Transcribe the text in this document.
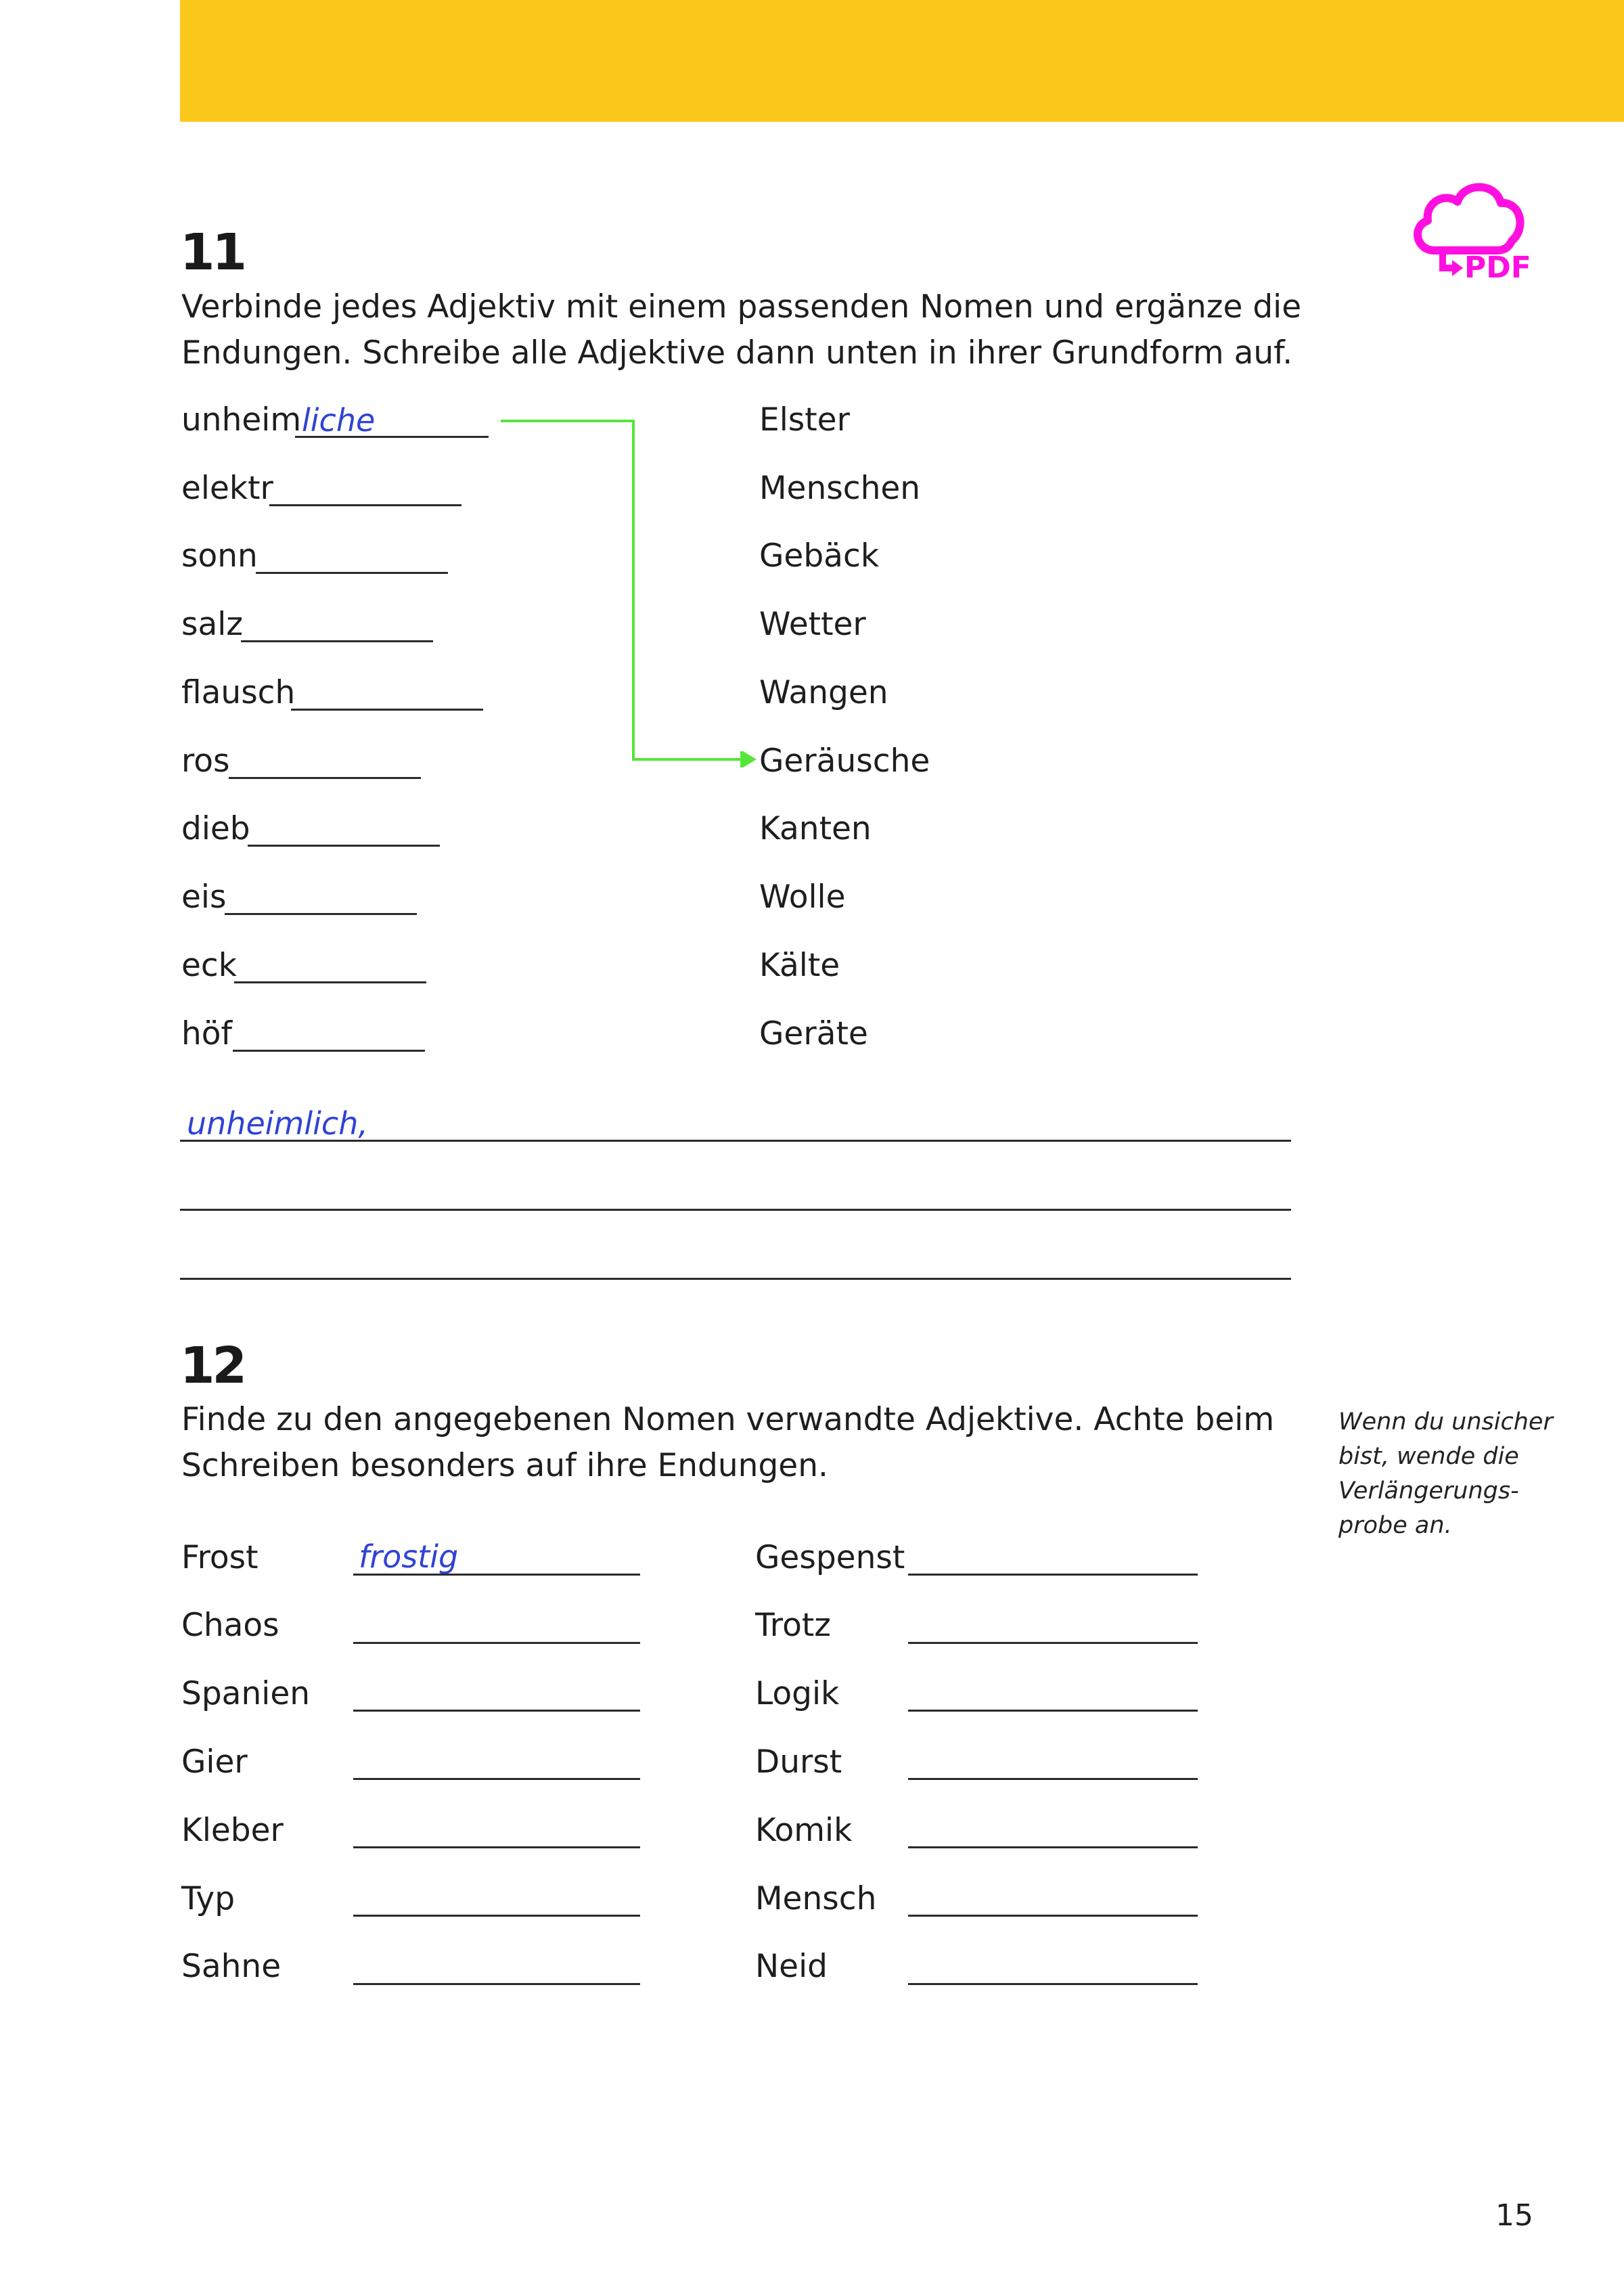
PDF
11
Verbinde jedes Adjektiv mit einem passenden Nomen und ergänze die
Endungen. Schreibe alle Adjektive dann unten in ihrer Grundform auf.
unheim liche
elektr
sonn
salz
flausch
ros
dieb
eis
eck
höf
Elster
Menschen
Gebäck
Wetter
Wangen
Geräusche
Kanten
Wolle
Kälte
Geräte
unheimlich,
12
Finde zu den angegebenen Nomen verwandte Adjektive. Achte beim
Schreiben besonders auf ihre Endungen.
Wenn du unsicher
bist, wende die
Verlängerungs-
probe an.
Frost	frostig
Chaos
Spanien
Gier
Kleber
Typ
Sahne
Gespenst
Trotz
Logik
Durst
Komik
Mensch
Neid
15
